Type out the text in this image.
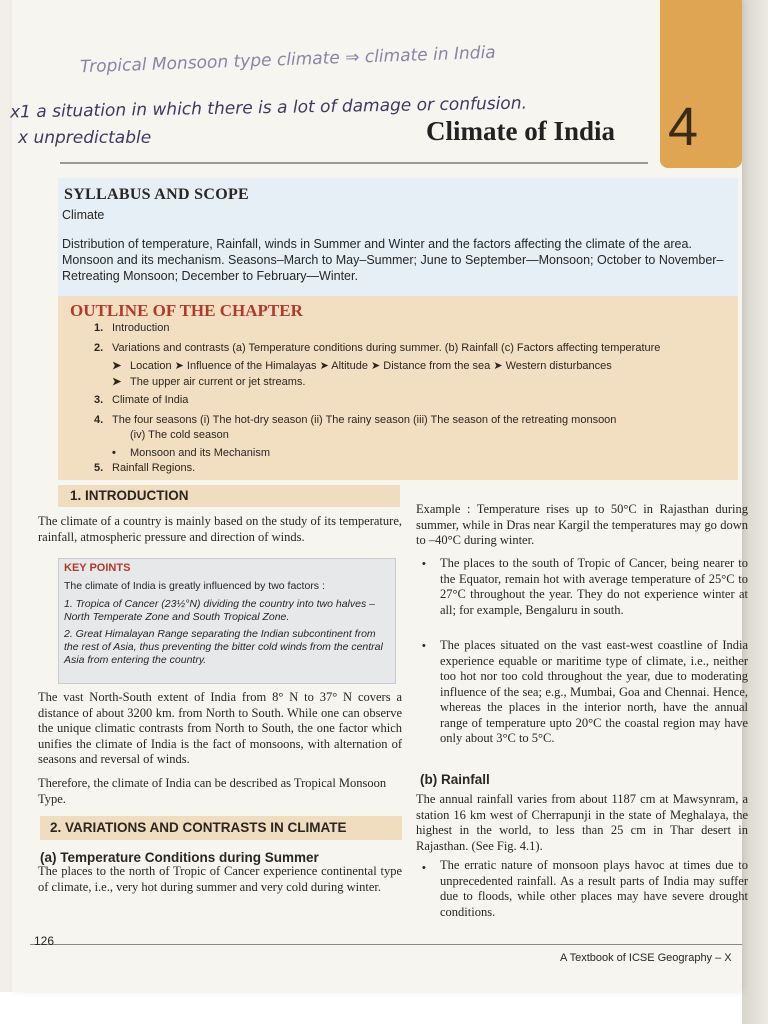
Tropical Monsoon type climate ⇒ climate in India
x1 a situation in which there is a lot of damage or confusion.
x unpredictable	Climate of India 4
SYLLABUS AND SCOPE
Climate
Distribution of temperature, Rainfall, winds in Summer and Winter and the factors affecting the climate of the area. Monsoon and its mechanism. Seasons–March to May–Summer; June to September—Monsoon; October to November–Retreating Monsoon; December to February—Winter.
OUTLINE OF THE CHAPTER
1. Introduction
2. Variations and contrasts (a) Temperature conditions during summer. (b) Rainfall (c) Factors affecting temperature
➤ Location ➤ Influence of the Himalayas ➤ Altitude ➤ Distance from the sea ➤ Western disturbances
➤ The upper air current or jet streams.
3. Climate of India
4. The four seasons (i) The hot-dry season (ii) The rainy season (iii) The season of the retreating monsoon
(iv) The cold season
• Monsoon and its Mechanism
5. Rainfall Regions.
1. INTRODUCTION
The climate of a country is mainly based on the study of its temperature, rainfall, atmospheric pressure and direction of winds.
KEY POINTS
The climate of India is greatly influenced by two factors :
1. Tropica of Cancer (23½°N) dividing the country into two halves – North Temperate Zone and South Tropical Zone.
2. Great Himalayan Range separating the Indian subcontinent from the rest of Asia, thus preventing the bitter cold winds from the central Asia from entering the country.
The vast North-South extent of India from 8° N to 37° N covers a distance of about 3200 km. from North to South. While one can observe the unique climatic contrasts from North to South, the one factor which unifies the climate of India is the fact of monsoons, with alternation of seasons and reversal of winds.
Therefore, the climate of India can be described as Tropical Monsoon Type.
2. VARIATIONS AND CONTRASTS IN CLIMATE
(a) Temperature Conditions during Summer
The places to the north of Tropic of Cancer experience continental type of climate, i.e., very hot during summer and very cold during winter.
Example : Temperature rises up to 50°C in Rajasthan during summer, while in Dras near Kargil the temperatures may go down to –40°C during winter.
• The places to the south of Tropic of Cancer, being nearer to the Equator, remain hot with average temperature of 25°C to 27°C throughout the year. They do not experience winter at all; for example, Bengaluru in south.
• The places situated on the vast east-west coastline of India experience equable or maritime type of climate, i.e., neither too hot nor too cold throughout the year, due to moderating influence of the sea; e.g., Mumbai, Goa and Chennai. Hence, whereas the places in the interior north, have the annual range of temperature upto 20°C the coastal region may have only about 3°C to 5°C.
(b) Rainfall
The annual rainfall varies from about 1187 cm at Mawsynram, a station 16 km west of Cherrapunji in the state of Meghalaya, the highest in the world, to less than 25 cm in Thar desert in Rajasthan. (See Fig. 4.1).
• The erratic nature of monsoon plays havoc at times due to unprecedented rainfall. As a result parts of India may suffer due to floods, while other places may have severe drought conditions.
126
A Textbook of ICSE Geography – X
